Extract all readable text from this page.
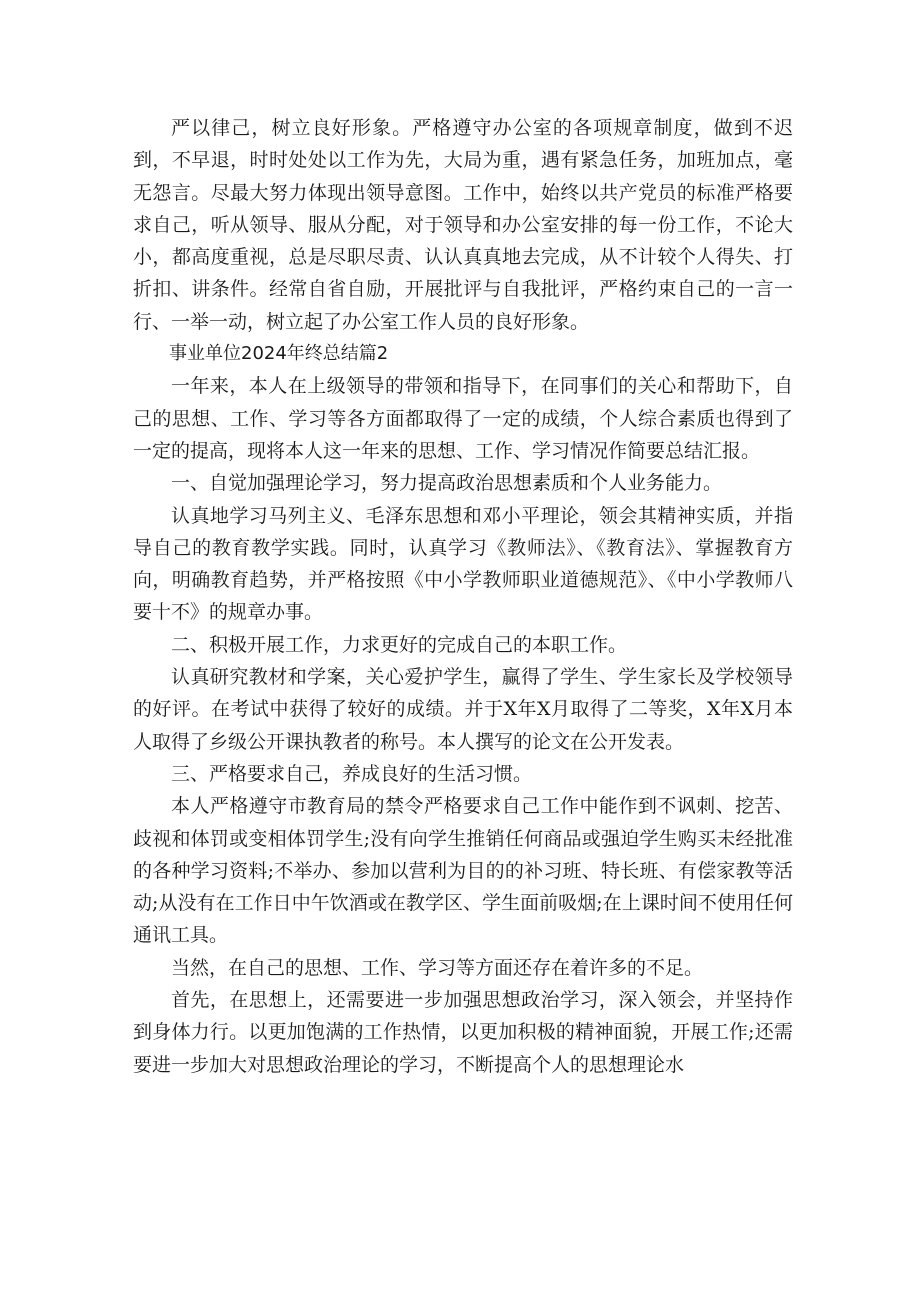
严以律己，树立良好形象。严格遵守办公室的各项规章制度，做到不迟到，不早退，时时处处以工作为先，大局为重，遇有紧急任务，加班加点，毫无怨言。尽最大努力体现出领导意图。工作中，始终以共产党员的标准严格要求自己，听从领导、服从分配，对于领导和办公室安排的每一份工作，不论大小，都高度重视，总是尽职尽责、认认真真地去完成，从不计较个人得失、打折扣、讲条件。经常自省自励，开展批评与自我批评，严格约束自己的一言一行、一举一动，树立起了办公室工作人员的良好形象。

事业单位2024年终总结篇2

一年来，本人在上级领导的带领和指导下，在同事们的关心和帮助下，自己的思想、工作、学习等各方面都取得了一定的成绩，个人综合素质也得到了一定的提高，现将本人这一年来的思想、工作、学习情况作简要总结汇报。

一、自觉加强理论学习，努力提高政治思想素质和个人业务能力。

认真地学习马列主义、毛泽东思想和邓小平理论，领会其精神实质，并指导自己的教育教学实践。同时，认真学习《教师法》、《教育法》、掌握教育方向，明确教育趋势，并严格按照《中小学教师职业道德规范》、《中小学教师八要十不》的规章办事。

二、积极开展工作，力求更好的完成自己的本职工作。

认真研究教材和学案，关心爱护学生，赢得了学生、学生家长及学校领导的好评。在考试中获得了较好的成绩。并于X年X月取得了二等奖，X年X月本人取得了乡级公开课执教者的称号。本人撰写的论文在公开发表。

三、严格要求自己，养成良好的生活习惯。

本人严格遵守市教育局的禁令严格要求自己工作中能作到不讽刺、挖苦、歧视和体罚或变相体罚学生;没有向学生推销任何商品或强迫学生购买未经批准的各种学习资料;不举办、参加以营利为目的的补习班、特长班、有偿家教等活动;从没有在工作日中午饮酒或在教学区、学生面前吸烟;在上课时间不使用任何通讯工具。

当然，在自己的思想、工作、学习等方面还存在着许多的不足。

首先，在思想上，还需要进一步加强思想政治学习，深入领会，并坚持作到身体力行。以更加饱满的工作热情，以更加积极的精神面貌，开展工作;还需要进一步加大对思想政治理论的学习，不断提高个人的思想理论水
